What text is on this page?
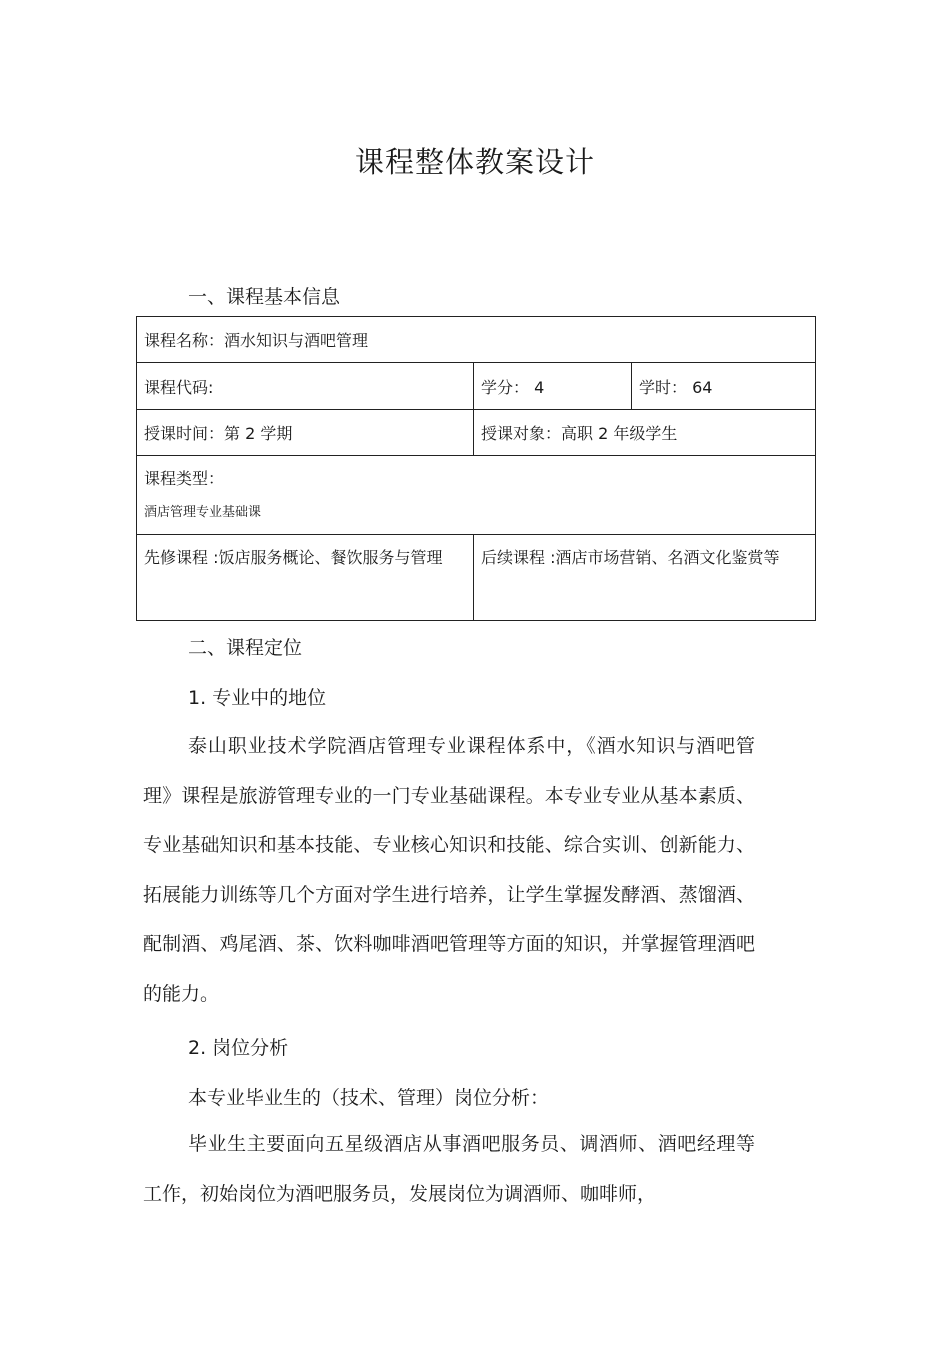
课程整体教案设计
一、课程基本信息
课程名称：酒水知识与酒吧管理		
课程代码:	学分： 4	学时： 64
授课时间：第 2 学期	授课对象：高职 2 年级学生	

课程类型：
酒店管理专业基础课		

先修课程 :饭店服务概论、餐饮服务与管理	后续课程 :酒店市场营销、名酒文化鉴赏等	
二、课程定位
1. 专业中的地位
泰山职业技术学院酒店管理专业课程体系中，《酒水知识与酒吧管理》课程是旅游管理专业的一门专业基础课程。本专业专业从基本素质、专业基础知识和基本技能、专业核心知识和技能、综合实训、创新能力、拓展能力训练等几个方面对学生进行培养，让学生掌握发酵酒、蒸馏酒、配制酒、鸡尾酒、茶、饮料咖啡酒吧管理等方面的知识，并掌握管理酒吧的能力。
2. 岗位分析
本专业毕业生的（技术、管理）岗位分析：
毕业生主要面向五星级酒店从事酒吧服务员、调酒师、酒吧经理等工作，初始岗位为酒吧服务员，发展岗位为调酒师、咖啡师，
